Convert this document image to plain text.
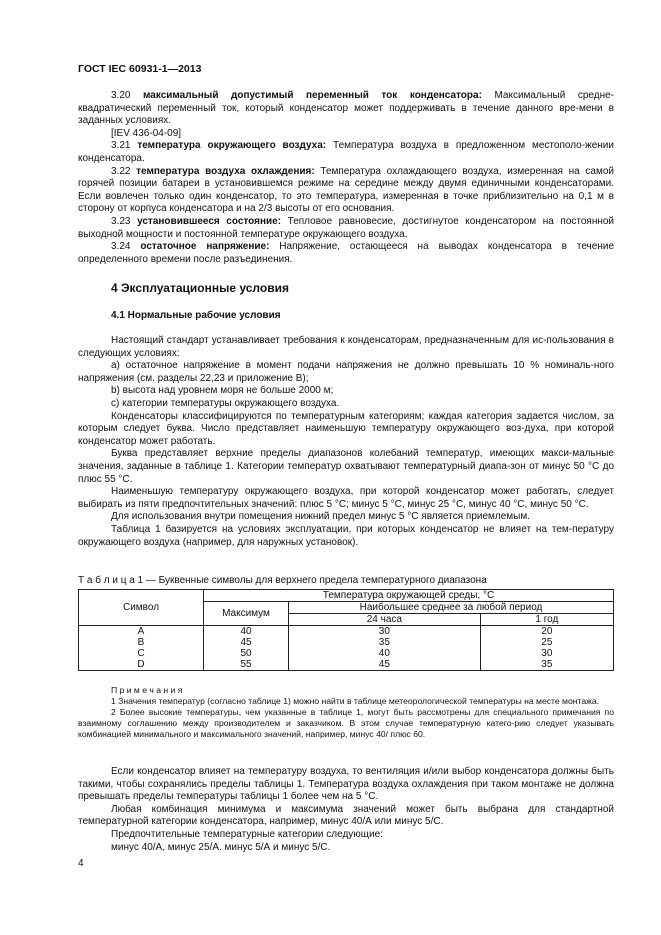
ГОСТ IEC 60931-1—2013

3.20 максимальный допустимый переменный ток конденсатора: Максимальный средне-квадратический переменный ток, который конденсатор может поддерживать в течение данного вре-мени в заданных условиях.

[IEV 436-04-09]

3.21 температура окружающего воздуха: Температура воздуха в предложенном местополо-жении конденсатора.

3.22 температура воздуха охлаждения: Температура охлаждающего воздуха, измеренная на самой горячей позиции батареи в установившемся режиме на середине между двумя единичными конденсаторами. Если вовлечен только один конденсатор, то это температура, измеренная в точке приблизительно на 0,1 м в сторону от корпуса конденсатора и на 2/3 высоты от его основания.

3.23 установившееся состояние: Тепловое равновесие, достигнутое конденсатором на постоянной выходной мощности и постоянной температуре окружающего воздуха.

3.24 остаточное напряжение: Напряжение, остающееся на выводах конденсатора в течение определенного времени после разъединения.

4 Эксплуатационные условия

4.1 Нормальные рабочие условия

Настоящий стандарт устанавливает требования к конденсаторам, предназначенным для ис-пользования в следующих условиях:

a) остаточное напряжение в момент подачи напряжения не должно превышать 10 % номиналь-ного напряжения (см. разделы 22,23 и приложение В);

b) высота над уровнем моря не больше 2000 м;

c) категории температуры окружающего воздуха.

Конденсаторы классифицируются по температурным категориям; каждая категория задается числом, за которым следует буква. Число представляет наименьшую температуру окружающего воз-духа, при которой конденсатор может работать.

Буква представляет верхние пределы диапазонов колебаний температур, имеющих макси-мальные значения, заданные в таблице 1. Категории температур охватывают температурный диапа-зон от минус 50 °С до плюс 55 °С.

Наименьшую температуру окружающего воздуха, при которой конденсатор может работать, следует выбирать из пяти предпочтительных значений: плюс 5 °С; минус 5 °С, минус 25 °С, минус 40 °С, минус 50 °С.

Для использования внутри помещения нижний предел минус 5 °С является приемлемым.

Таблица 1 базируется на условиях эксплуатации, при которых конденсатор не влияет на тем-пературу окружающего воздуха (например, для наружных установок).

Т а б л и ц а 1 — Буквенные символы для верхнего предела температурного диапазона

Символ	Температура окружающей среды, °С		
	Максимум	Наибольшее среднее за любой период	
		24 часа	1 год
A	40	30	20
B	45	35	25
C	50	40	30
D	55	45	35

П р и м е ч а н и я

1 Значения температур (согласно таблице 1) можно найти в таблице метеорологической температуры на месте монтажа.

2 Более высокие температуры, чем указанные в таблице 1, могут быть рассмотрены для специального примечания по взаимному соглашению между производителем и заказчиком. В этом случае температурную катего-рию следует указывать комбинацией минимального и максимального значений, например, минус 40/ плюс 60.

Если конденсатор влияет на температуру воздуха, то вентиляция и/или выбор конденсатора должны быть такими, чтобы сохранялись пределы таблицы 1. Температура воздуха охлаждения при таком монтаже не должна превышать пределы температуры таблицы 1 более чем на 5 °С.

Любая комбинация минимума и максимума значений может быть выбрана для стандартной температурной категории конденсатора, например, минус 40/А или минус 5/С.

Предпочтительные температурные категории следующие:

минус 40/А, минус 25/А. минус 5/А и минус 5/С.

4
